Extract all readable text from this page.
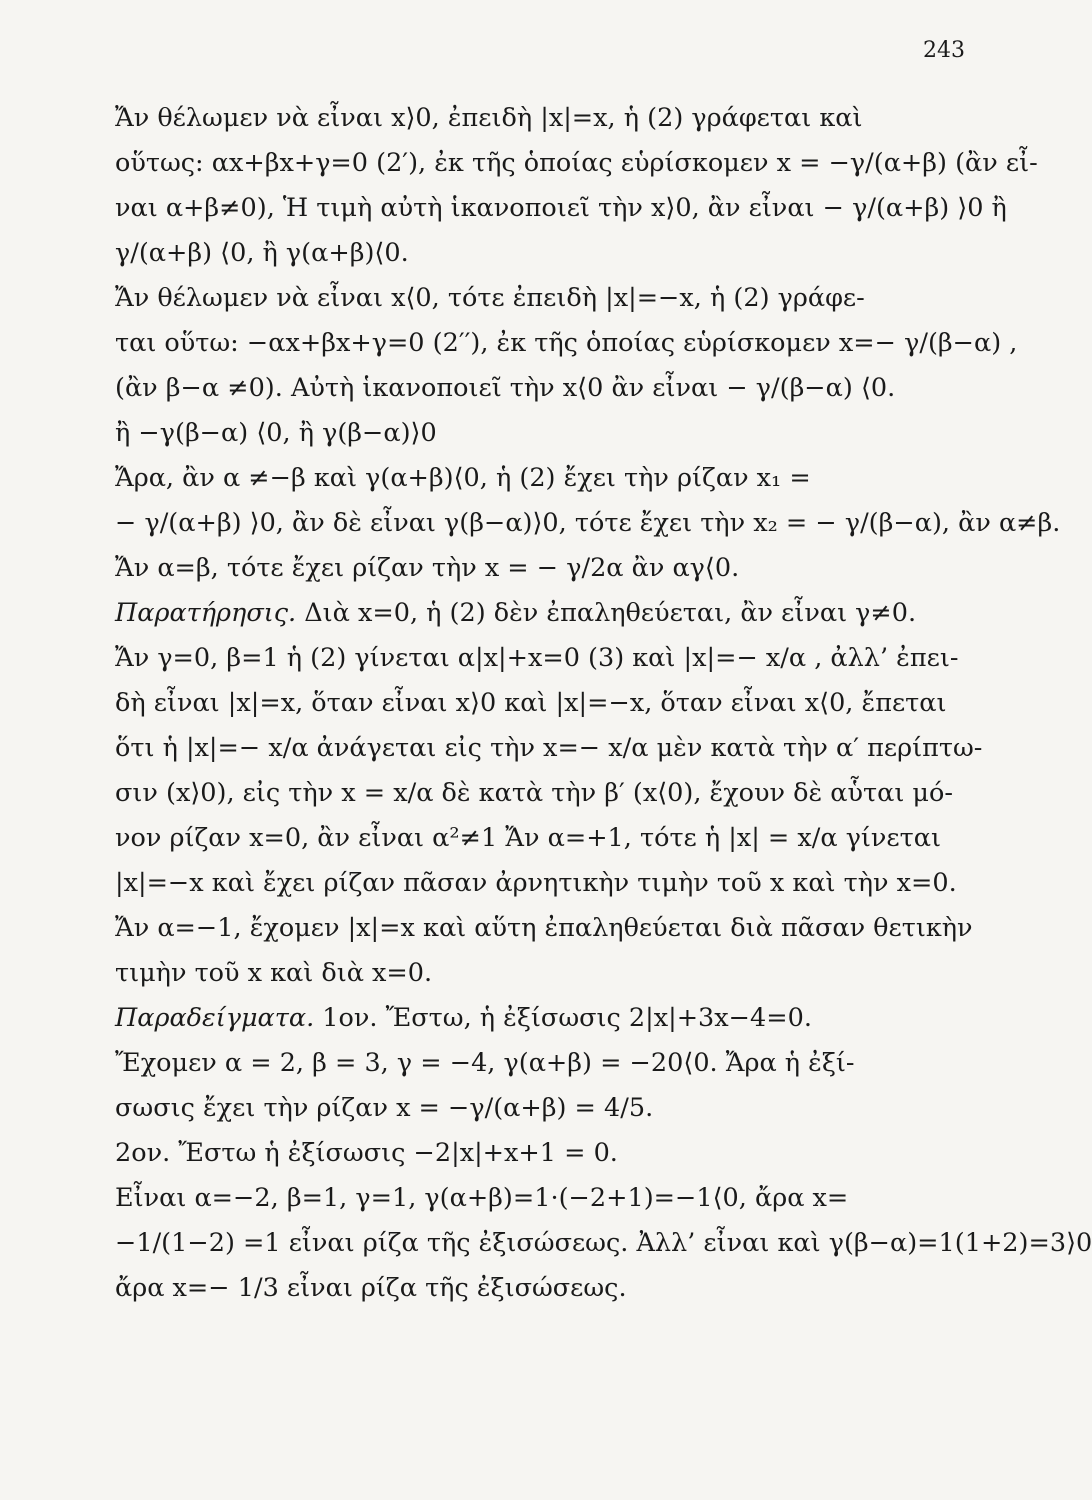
243
Ἄν θέλωμεν νὰ εἶναι x⟩0, ἐπειδὴ |x|=x, ἡ (2) γράφεται καὶ
οὕτως: αx+βx+γ=0 (2′), ἐκ τῆς ὁποίας εὑρίσκομεν x = −γ/(α+β) (ἂν εἶ-
ναι α+β≠0), Ἡ τιμὴ αὐτὴ ἱκανοποιεῖ τὴν x⟩0, ἂν εἶναι − γ/(α+β) ⟩0 ἢ
γ/(α+β) ⟨0, ἢ γ(α+β)⟨0.
Ἄν θέλωμεν νὰ εἶναι x⟨0, τότε ἐπειδὴ |x|=−x, ἡ (2) γράφε-
ται οὕτω: −αx+βx+γ=0 (2′′), ἐκ τῆς ὁποίας εὑρίσκομεν x=− γ/(β−α) ,
(ἂν β−α ≠0). Αὐτὴ ἱκανοποιεῖ τὴν x⟨0 ἂν εἶναι − γ/(β−α) ⟨0.
ἢ −γ(β−α) ⟨0, ἢ γ(β−α)⟩0
Ἄρα, ἂν α ≠−β καὶ γ(α+β)⟨0, ἡ (2) ἔχει τὴν ρίζαν x₁ =
− γ/(α+β) ⟩0, ἂν δὲ εἶναι γ(β−α)⟩0, τότε ἔχει τὴν x₂ = − γ/(β−α), ἂν α≠β.
Ἄν α=β, τότε ἔχει ρίζαν τὴν x = − γ/2α ἂν αγ⟨0.
Παρατήρησις. Διὰ x=0, ἡ (2) δὲν ἐπαληθεύεται, ἂν εἶναι γ≠0.
Ἄν γ=0, β=1 ἡ (2) γίνεται α|x|+x=0 (3) καὶ |x|=− x/α , ἀλλ’ ἐπει-
δὴ εἶναι |x|=x, ὅταν εἶναι x⟩0 καὶ |x|=−x, ὅταν εἶναι x⟨0, ἔπεται
ὅτι ἡ |x|=− x/α ἀνάγεται εἰς τὴν x=− x/α μὲν κατὰ τὴν α′ περίπτω-
σιν (x⟩0), εἰς τὴν x = x/α δὲ κατὰ τὴν β′ (x⟨0), ἔχουν δὲ αὗται μό-
νον ρίζαν x=0, ἂν εἶναι α²≠1 Ἄν α=+1, τότε ἡ |x| = x/α γίνεται
|x|=−x καὶ ἔχει ρίζαν πᾶσαν ἀρνητικὴν τιμὴν τοῦ x καὶ τὴν x=0.
Ἄν α=−1, ἔχομεν |x|=x καὶ αὕτη ἐπαληθεύεται διὰ πᾶσαν θετικὴν
τιμὴν τοῦ x καὶ διὰ x=0.
Παραδείγματα. 1ον. Ἔστω, ἡ ἐξίσωσις 2|x|+3x−4=0.
Ἔχομεν α = 2, β = 3, γ = −4, γ(α+β) = −20⟨0. Ἄρα ἡ ἐξί-
σωσις ἔχει τὴν ρίζαν x = −γ/(α+β) = 4/5.
2ον. Ἔστω ἡ ἐξίσωσις −2|x|+x+1 = 0.
Εἶναι α=−2, β=1, γ=1, γ(α+β)=1·(−2+1)=−1⟨0, ἄρα x=
−1/(1−2) =1 εἶναι ρίζα τῆς ἐξισώσεως. Ἀλλ’ εἶναι καὶ γ(β−α)=1(1+2)=3⟩0
ἄρα x=− 1/3 εἶναι ρίζα τῆς ἐξισώσεως.
